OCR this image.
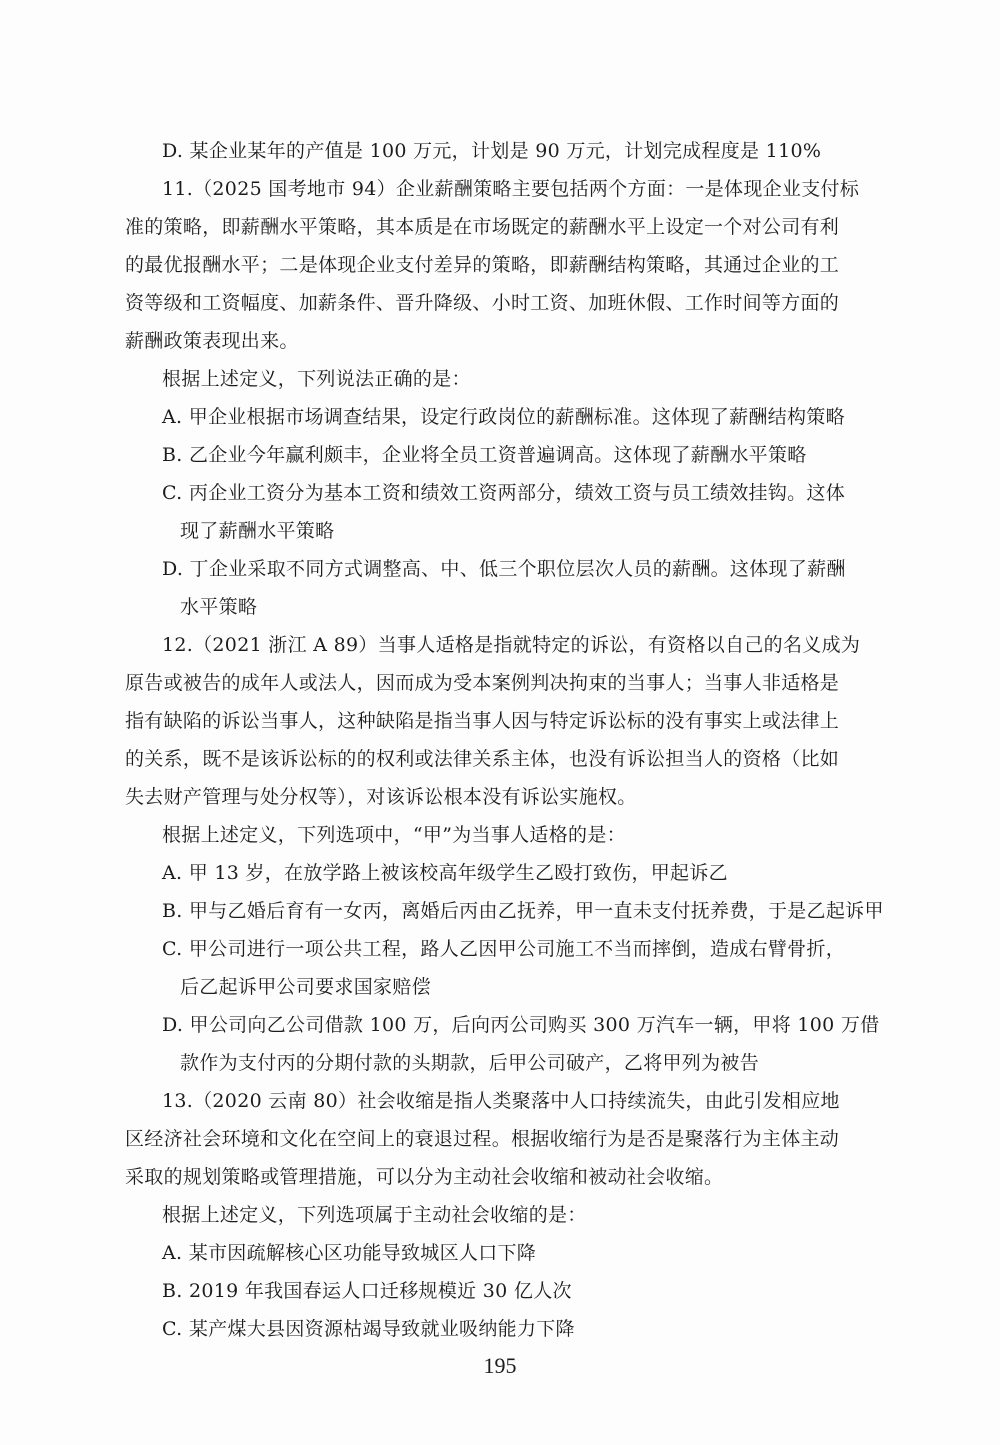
D. 某企业某年的产值是 100 万元，计划是 90 万元，计划完成程度是 110%
11.（2025 国考地市 94）企业薪酬策略主要包括两个方面：一是体现企业支付标
准的策略，即薪酬水平策略，其本质是在市场既定的薪酬水平上设定一个对公司有利
的最优报酬水平；二是体现企业支付差异的策略，即薪酬结构策略，其通过企业的工
资等级和工资幅度、加薪条件、晋升降级、小时工资、加班休假、工作时间等方面的
薪酬政策表现出来。
根据上述定义，下列说法正确的是：
A. 甲企业根据市场调查结果，设定行政岗位的薪酬标准。这体现了薪酬结构策略
B. 乙企业今年赢利颇丰，企业将全员工资普遍调高。这体现了薪酬水平策略
C. 丙企业工资分为基本工资和绩效工资两部分，绩效工资与员工绩效挂钩。这体
现了薪酬水平策略
D. 丁企业采取不同方式调整高、中、低三个职位层次人员的薪酬。这体现了薪酬
水平策略
12.（2021 浙江 A 89）当事人适格是指就特定的诉讼，有资格以自己的名义成为
原告或被告的成年人或法人，因而成为受本案例判决拘束的当事人；当事人非适格是
指有缺陷的诉讼当事人，这种缺陷是指当事人因与特定诉讼标的没有事实上或法律上
的关系，既不是该诉讼标的的权利或法律关系主体，也没有诉讼担当人的资格（比如
失去财产管理与处分权等），对该诉讼根本没有诉讼实施权。
根据上述定义，下列选项中，“甲”为当事人适格的是：
A. 甲 13 岁，在放学路上被该校高年级学生乙殴打致伤，甲起诉乙
B. 甲与乙婚后育有一女丙，离婚后丙由乙抚养，甲一直未支付抚养费，于是乙起诉甲
C. 甲公司进行一项公共工程，路人乙因甲公司施工不当而摔倒，造成右臂骨折，
后乙起诉甲公司要求国家赔偿
D. 甲公司向乙公司借款 100 万，后向丙公司购买 300 万汽车一辆，甲将 100 万借
款作为支付丙的分期付款的头期款，后甲公司破产，乙将甲列为被告
13.（2020 云南 80）社会收缩是指人类聚落中人口持续流失，由此引发相应地
区经济社会环境和文化在空间上的衰退过程。根据收缩行为是否是聚落行为主体主动
采取的规划策略或管理措施，可以分为主动社会收缩和被动社会收缩。
根据上述定义，下列选项属于主动社会收缩的是：
A. 某市因疏解核心区功能导致城区人口下降
B. 2019 年我国春运人口迁移规模近 30 亿人次
C. 某产煤大县因资源枯竭导致就业吸纳能力下降
195
